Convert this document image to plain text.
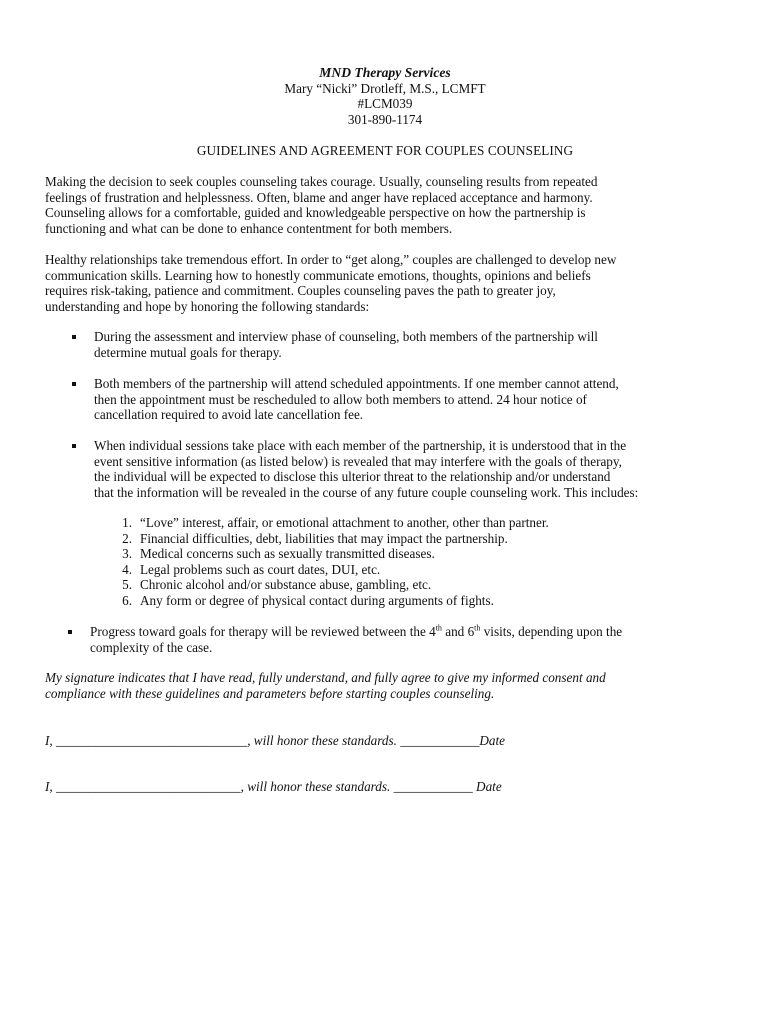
MND Therapy Services
Mary “Nicki” Drotleff, M.S., LCMFT
#LCM039
301-890-1174
GUIDELINES AND AGREEMENT FOR COUPLES COUNSELING
Making the decision to seek couples counseling takes courage. Usually, counseling results from repeated
feelings of frustration and helplessness. Often, blame and anger have replaced acceptance and harmony.
Counseling allows for a comfortable, guided and knowledgeable perspective on how the partnership is
functioning and what can be done to enhance contentment for both members.
Healthy relationships take tremendous effort. In order to “get along,” couples are challenged to develop new
communication skills. Learning how to honestly communicate emotions, thoughts, opinions and beliefs
requires risk-taking, patience and commitment. Couples counseling paves the path to greater joy,
understanding and hope by honoring the following standards:
During the assessment and interview phase of counseling, both members of the partnership will
determine mutual goals for therapy.
Both members of the partnership will attend scheduled appointments. If one member cannot attend,
then the appointment must be rescheduled to allow both members to attend. 24 hour notice of
cancellation required to avoid late cancellation fee.
When individual sessions take place with each member of the partnership, it is understood that in the
event sensitive information (as listed below) is revealed that may interfere with the goals of therapy,
the individual will be expected to disclose this ulterior threat to the relationship and/or understand
that the information will be revealed in the course of any future couple counseling work. This includes:
1. “Love” interest, affair, or emotional attachment to another, other than partner.
2. Financial difficulties, debt, liabilities that may impact the partnership.
3. Medical concerns such as sexually transmitted diseases.
4. Legal problems such as court dates, DUI, etc.
5. Chronic alcohol and/or substance abuse, gambling, etc.
6. Any form or degree of physical contact during arguments of fights.
Progress toward goals for therapy will be reviewed between the 4th and 6th visits, depending upon the
complexity of the case.
My signature indicates that I have read, fully understand, and fully agree to give my informed consent and
compliance with these guidelines and parameters before starting couples counseling.
I, _____________________________, will honor these standards. ____________Date
I, ____________________________, will honor these standards. ____________ Date
